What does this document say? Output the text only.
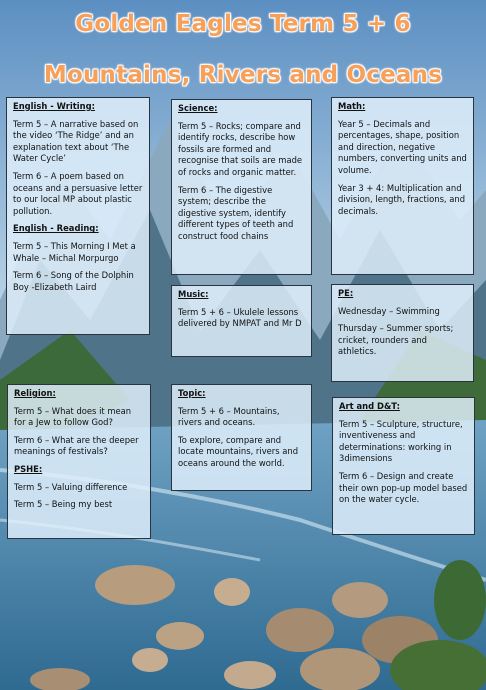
Golden Eagles Term 5 + 6
Mountains, Rivers and Oceans
English - Writing:
Term 5 – A narrative based on the video ‘The Ridge’ and an explanation text about ‘The Water Cycle’
Term 6 – A poem based on oceans and a persuasive letter to our local MP about plastic pollution.
English - Reading:
Term 5 – This Morning I Met a Whale – Michal Morpurgo
Term 6 – Song of the Dolphin Boy -Elizabeth Laird
Science:
Term 5 – Rocks; compare and identify rocks, describe how fossils are formed and recognise that soils are made of rocks and organic matter.
Term 6 – The digestive system; describe the digestive system, identify different types of teeth and construct food chains
Math:
Year 5 – Decimals and percentages, shape, position and direction, negative numbers, converting units and volume.
Year 3 + 4: Multiplication and division, length, fractions, and decimals.
Music:
Term 5 + 6 – Ukulele lessons delivered by NMPAT and Mr D
PE:
Wednesday – Swimming
Thursday – Summer sports; cricket, rounders and athletics.
Religion:
Term 5 – What does it mean for a Jew to follow God?
Term 6 – What are the deeper meanings of festivals?
PSHE:
Term 5 – Valuing difference
Term 5 – Being my best
Topic:
Term 5 + 6 – Mountains, rivers and oceans.
To explore, compare and locate mountains, rivers and oceans around the world.
Art and D&T:
Term 5 – Sculpture, structure, inventiveness and determinations: working in 3dimensions
Term 6 – Design and create their own pop-up model based on the water cycle.
